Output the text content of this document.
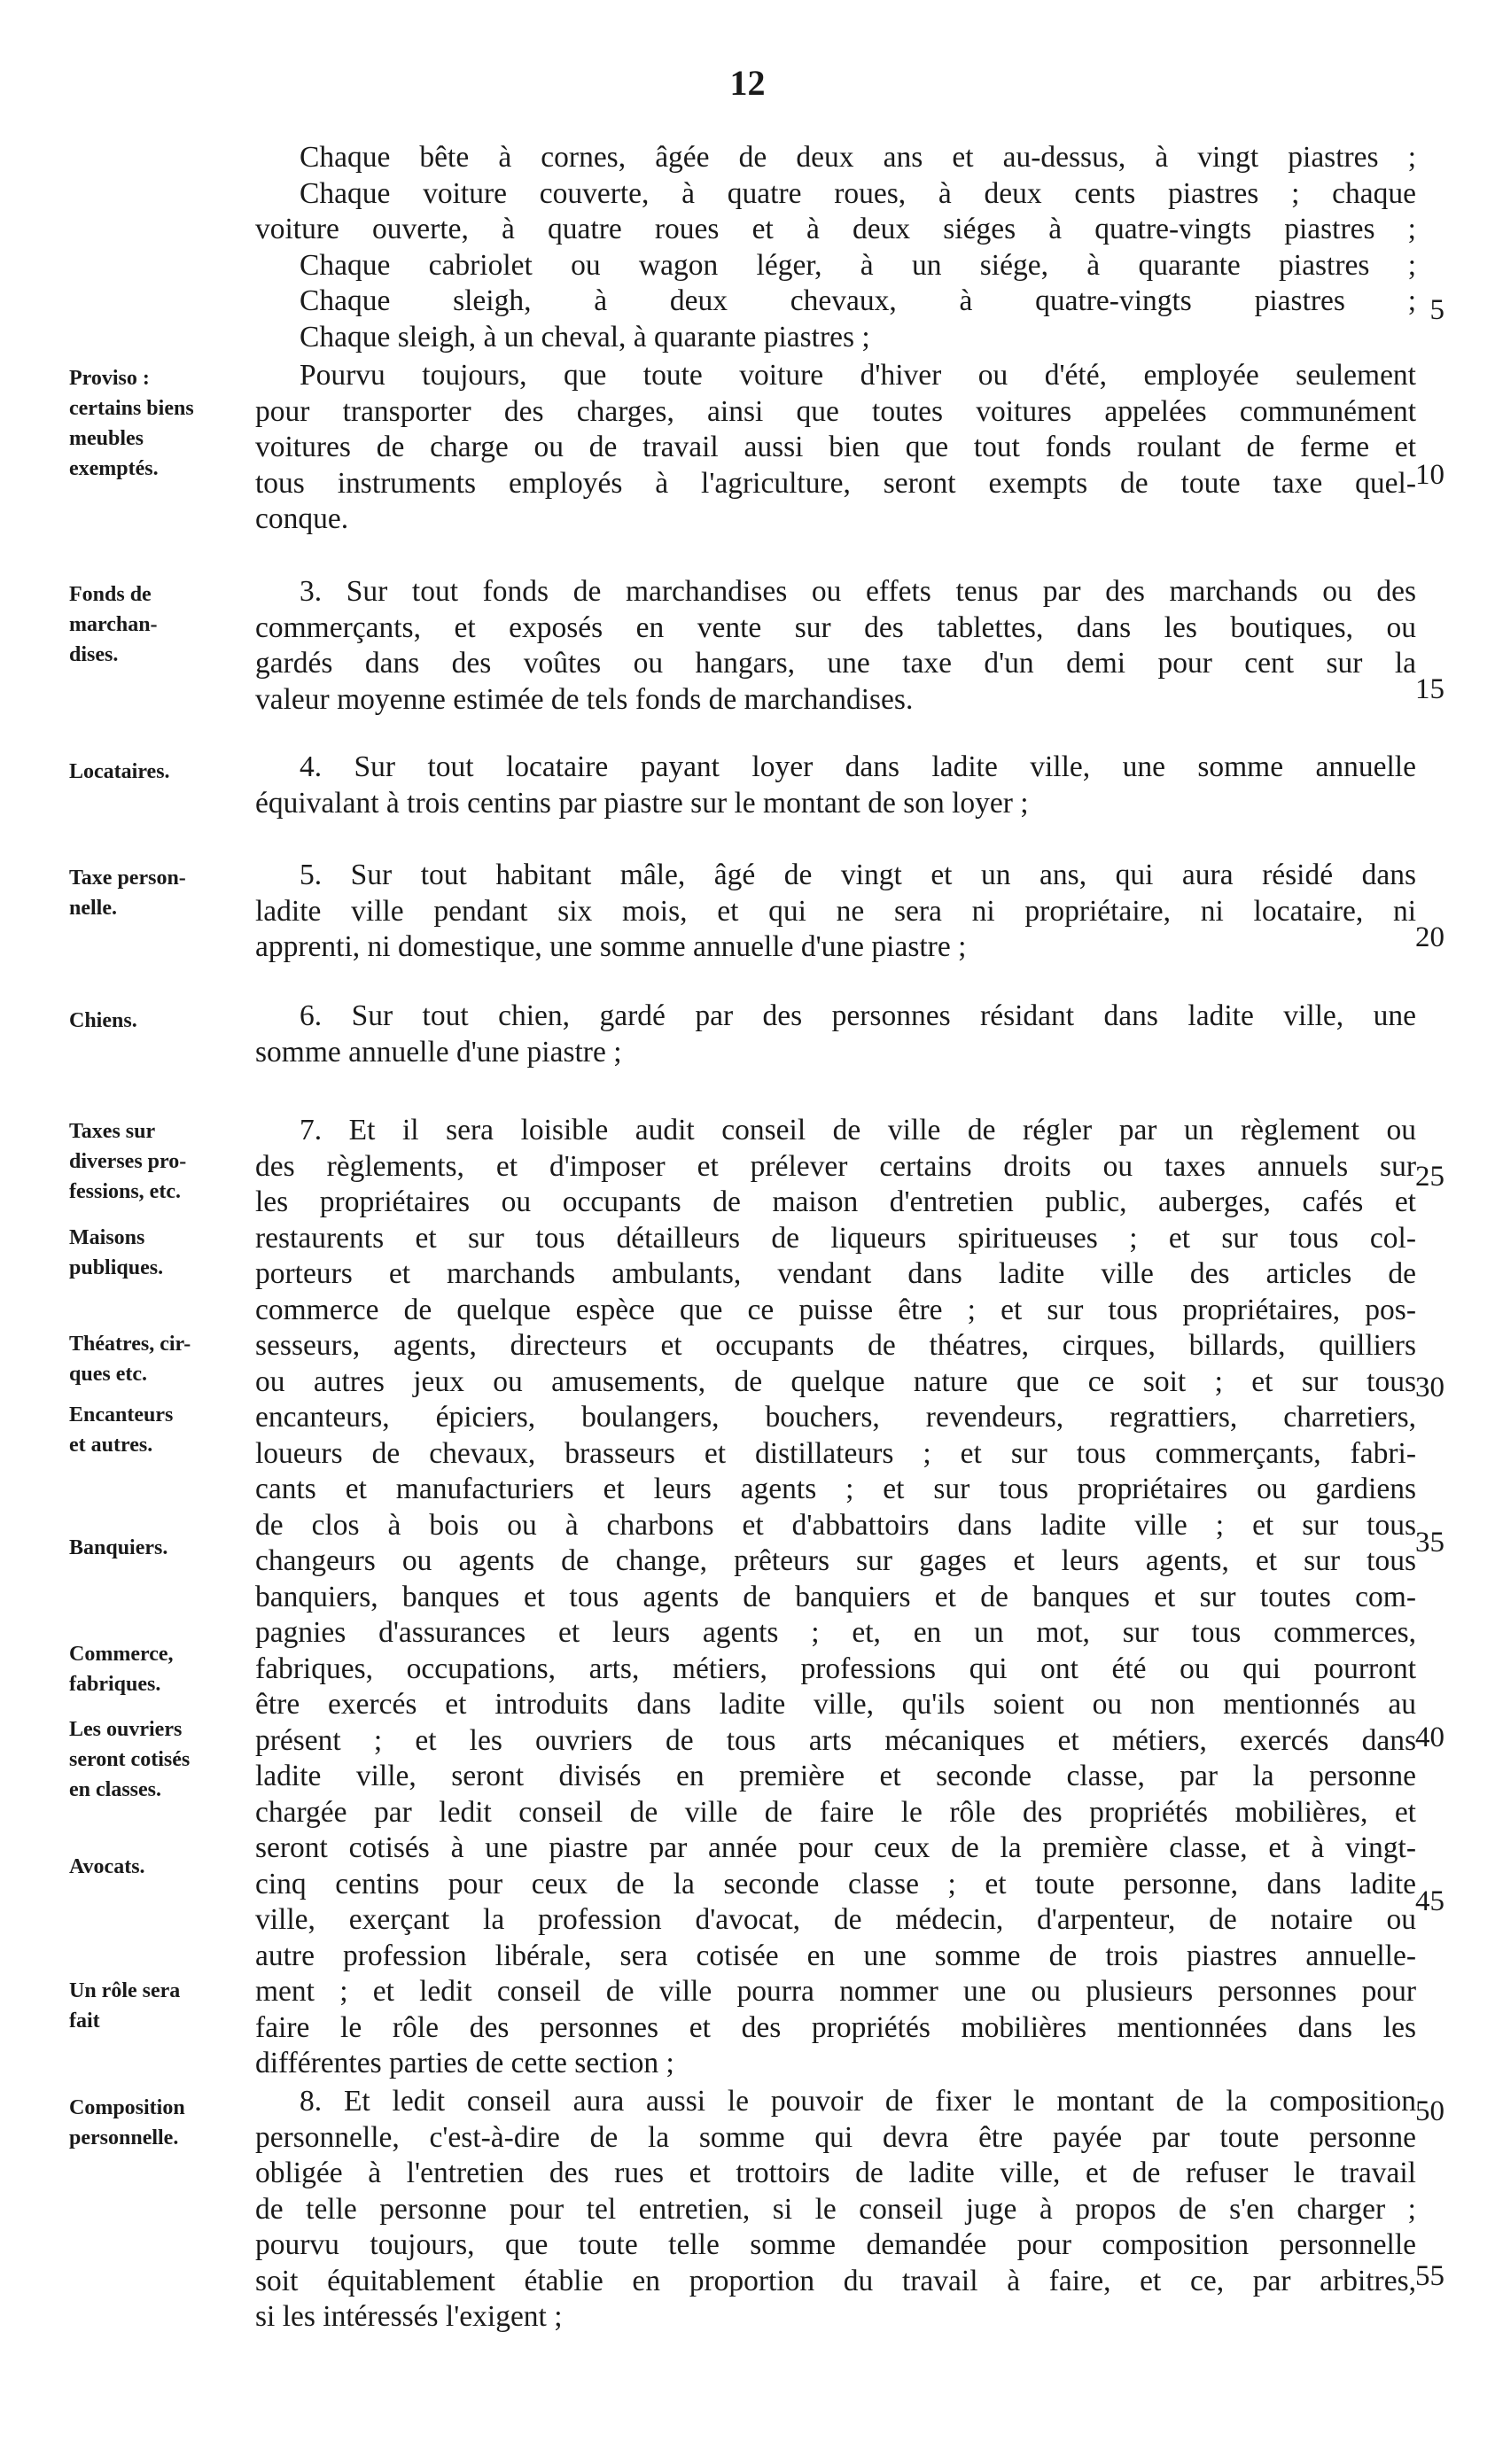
12
Chaque bête à cornes, âgée de deux ans et au-dessus, à vingt piastres ;
Chaque voiture couverte, à quatre roues, à deux cents piastres ; chaque
voiture ouverte, à quatre roues et à deux siéges à quatre-vingts piastres ;
Chaque cabriolet ou wagon léger, à un siége, à quarante piastres ;
Chaque sleigh, à deux chevaux, à quatre-vingts piastres ;
Chaque sleigh, à un cheval, à quarante piastres ;
Proviso :
certains biens
meubles
exemptés.
Pourvu toujours, que toute voiture d'hiver ou d'été, employée seulement
pour transporter des charges, ainsi que toutes voitures appelées communément
voitures de charge ou de travail aussi bien que tout fonds roulant de ferme et
tous instruments employés à l'agriculture, seront exempts de toute taxe quel-
conque.
Fonds de
marchan-
dises.
3. Sur tout fonds de marchandises ou effets tenus par des marchands ou des
commerçants, et exposés en vente sur des tablettes, dans les boutiques, ou
gardés dans des voûtes ou hangars, une taxe d'un demi pour cent sur la
valeur moyenne estimée de tels fonds de marchandises.
Locataires.	4. Sur tout locataire payant loyer dans ladite ville, une somme annuelle
équivalant à trois centins par piastre sur le montant de son loyer ;
Taxe person-
nelle.
5. Sur tout habitant mâle, âgé de vingt et un ans, qui aura résidé dans
ladite ville pendant six mois, et qui ne sera ni propriétaire, ni locataire, ni
apprenti, ni domestique, une somme annuelle d'une piastre ;
Chiens.	6. Sur tout chien, gardé par des personnes résidant dans ladite ville, une
somme annuelle d'une piastre ;
7. Et il sera loisible audit conseil de ville de régler par un règlement ou
des règlements, et d'imposer et prélever certains droits ou taxes annuels sur
les propriétaires ou occupants de maison d'entretien public, auberges, cafés et
restaurents et sur tous détailleurs de liqueurs spiritueuses ; et sur tous col-
porteurs et marchands ambulants, vendant dans ladite ville des articles de
commerce de quelque espèce que ce puisse être ; et sur tous propriétaires, pos-
sesseurs, agents, directeurs et occupants de théatres, cirques, billards, quilliers
ou autres jeux ou amusements, de quelque nature que ce soit ; et sur tous
encanteurs, épiciers, boulangers, bouchers, revendeurs, regrattiers, charretiers,
loueurs de chevaux, brasseurs et distillateurs ; et sur tous commerçants, fabri-
cants et manufacturiers et leurs agents ; et sur tous propriétaires ou gardiens
de clos à bois ou à charbons et d'abbattoirs dans ladite ville ; et sur tous
changeurs ou agents de change, prêteurs sur gages et leurs agents, et sur tous
banquiers, banques et tous agents de banquiers et de banques et sur toutes com-
pagnies d'assurances et leurs agents ; et, en un mot, sur tous commerces,
fabriques, occupations, arts, métiers, professions qui ont été ou qui pourront
être exercés et introduits dans ladite ville, qu'ils soient ou non mentionnés au
présent ; et les ouvriers de tous arts mécaniques et métiers, exercés dans
ladite ville, seront divisés en première et seconde classe, par la personne
chargée par ledit conseil de ville de faire le rôle des propriétés mobilières, et
seront cotisés à une piastre par année pour ceux de la première classe, et à vingt-
cinq centins pour ceux de la seconde classe ; et toute personne, dans ladite
ville, exerçant la profession d'avocat, de médecin, d'arpenteur, de notaire ou
autre profession libérale, sera cotisée en une somme de trois piastres annuelle-
ment ; et ledit conseil de ville pourra nommer une ou plusieurs personnes pour
faire le rôle des personnes et des propriétés mobilières mentionnées dans les
différentes parties de cette section ;
Composition
personnelle.
8. Et ledit conseil aura aussi le pouvoir de fixer le montant de la composition
personnelle, c'est-à-dire de la somme qui devra être payée par toute personne
obligée à l'entretien des rues et trottoirs de ladite ville, et de refuser le travail
de telle personne pour tel entretien, si le conseil juge à propos de s'en charger ;
pourvu toujours, que toute telle somme demandée pour composition personnelle
soit équitablement établie en proportion du travail à faire, et ce, par arbitres,
si les intéressés l'exigent ;
Taxes sur
diverses pro-
fessions, etc.
Maisons
publiques.
Théatres, cir-
ques etc.
Encanteurs
et autres.
Banquiers.
Commerce,
fabriques.
Les ouvriers
seront cotisés
en classes.
Avocats.
Un rôle sera
fait
5
10
15
20
25
30
35
40
45
50
55
